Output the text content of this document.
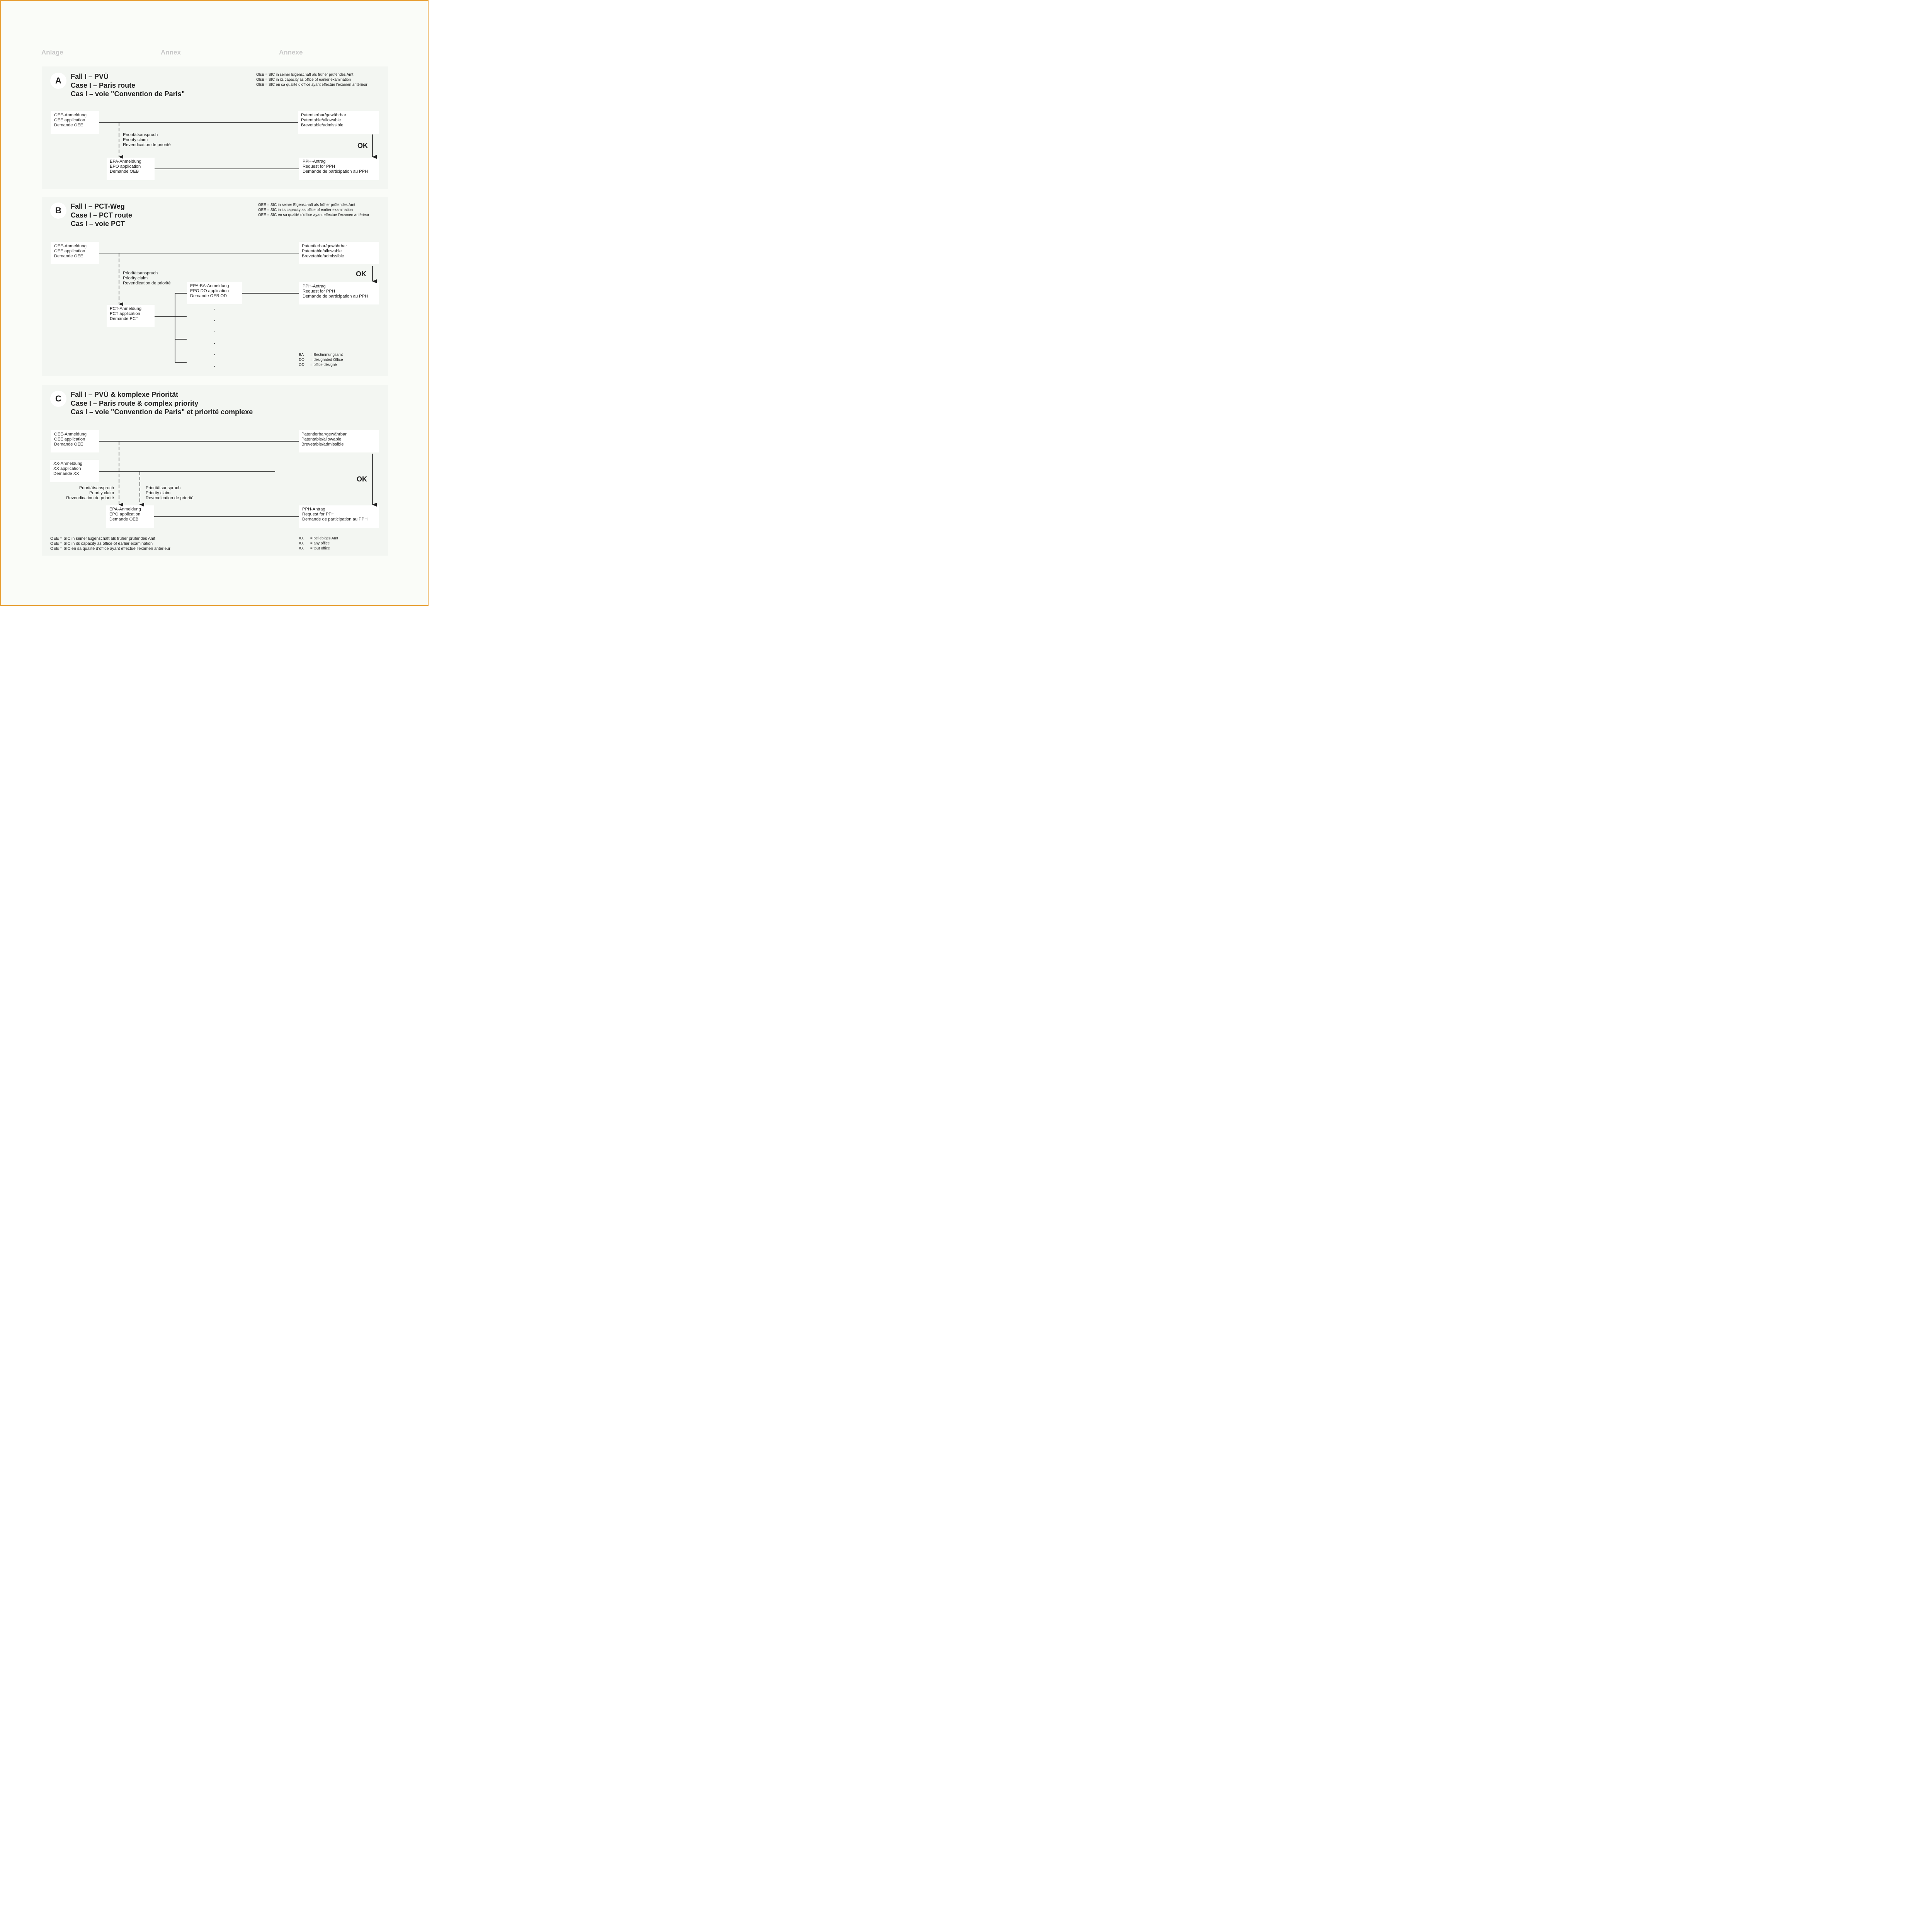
Anlage	Annex	Annexe
A	Fall I – PVÜ
Case I – Paris route
Cas I – voie "Convention de Paris"
OEE = SIC in seiner Eigenschaft als früher prüfendes Amt
OEE = SIC in its capacity as office of earlier examination
OEE = SIC en sa qualité d’office ayant effectué l’examen antérieur
OEE-Anmeldung
OEE application
Demande OEE
Patentierbar/gewährbar
Patentable/allowable
Brevetable/admissible
Prioritätsanspruch
Priority claim
Revendication de priorité	OK
EPA-Anmeldung
EPO application
Demande OEB
PPH-Antrag
Request for PPH
Demande de participation au PPH
B	Fall I – PCT-Weg
Case I – PCT route
Cas I – voie PCT
OEE = SIC in seiner Eigenschaft als früher prüfendes Amt
OEE = SIC in its capacity as office of earlier examination
OEE = SIC en sa qualité d’office ayant effectué l’examen antérieur
OEE-Anmeldung
OEE application
Demande OEE
Patentierbar/gewährbar
Patentable/allowable
Brevetable/admissible
OK
Prioritätsanspruch
Priority claim
Revendication de priorité
EPA-BA-Anmeldung
EPO DO application
Demande OEB OD
PPH-Antrag
Request for PPH
Demande de participation au PPH
PCT-Anmeldung
PCT application
Demande PCT
BA = Bestimmungsamt
DO = designated Office
OD = office désigné
C	Fall I – PVÜ & komplexe Priorität
Case I – Paris route & complex priority
Cas I – voie "Convention de Paris" et priorité complexe
OEE-Anmeldung
OEE application
Demande OEE
Patentierbar/gewährbar
Patentable/allowable
Brevetable/admissible
XX-Anmeldung
XX application
Demande XX
OK
Prioritätsanspruch
Priority claim
Revendication de priorité
Prioritätsanspruch
Priority claim
Revendication de priorité
EPA-Anmeldung
EPO application
Demande OEB
PPH-Antrag
Request for PPH
Demande de participation au PPH
OEE = SIC in seiner Eigenschaft als früher prüfendes Amt
OEE = SIC in its capacity as office of earlier examination
OEE = SIC en sa qualité d’office ayant effectué l’examen antérieur
XX = beliebiges Amt
XX = any office
XX = tout office
